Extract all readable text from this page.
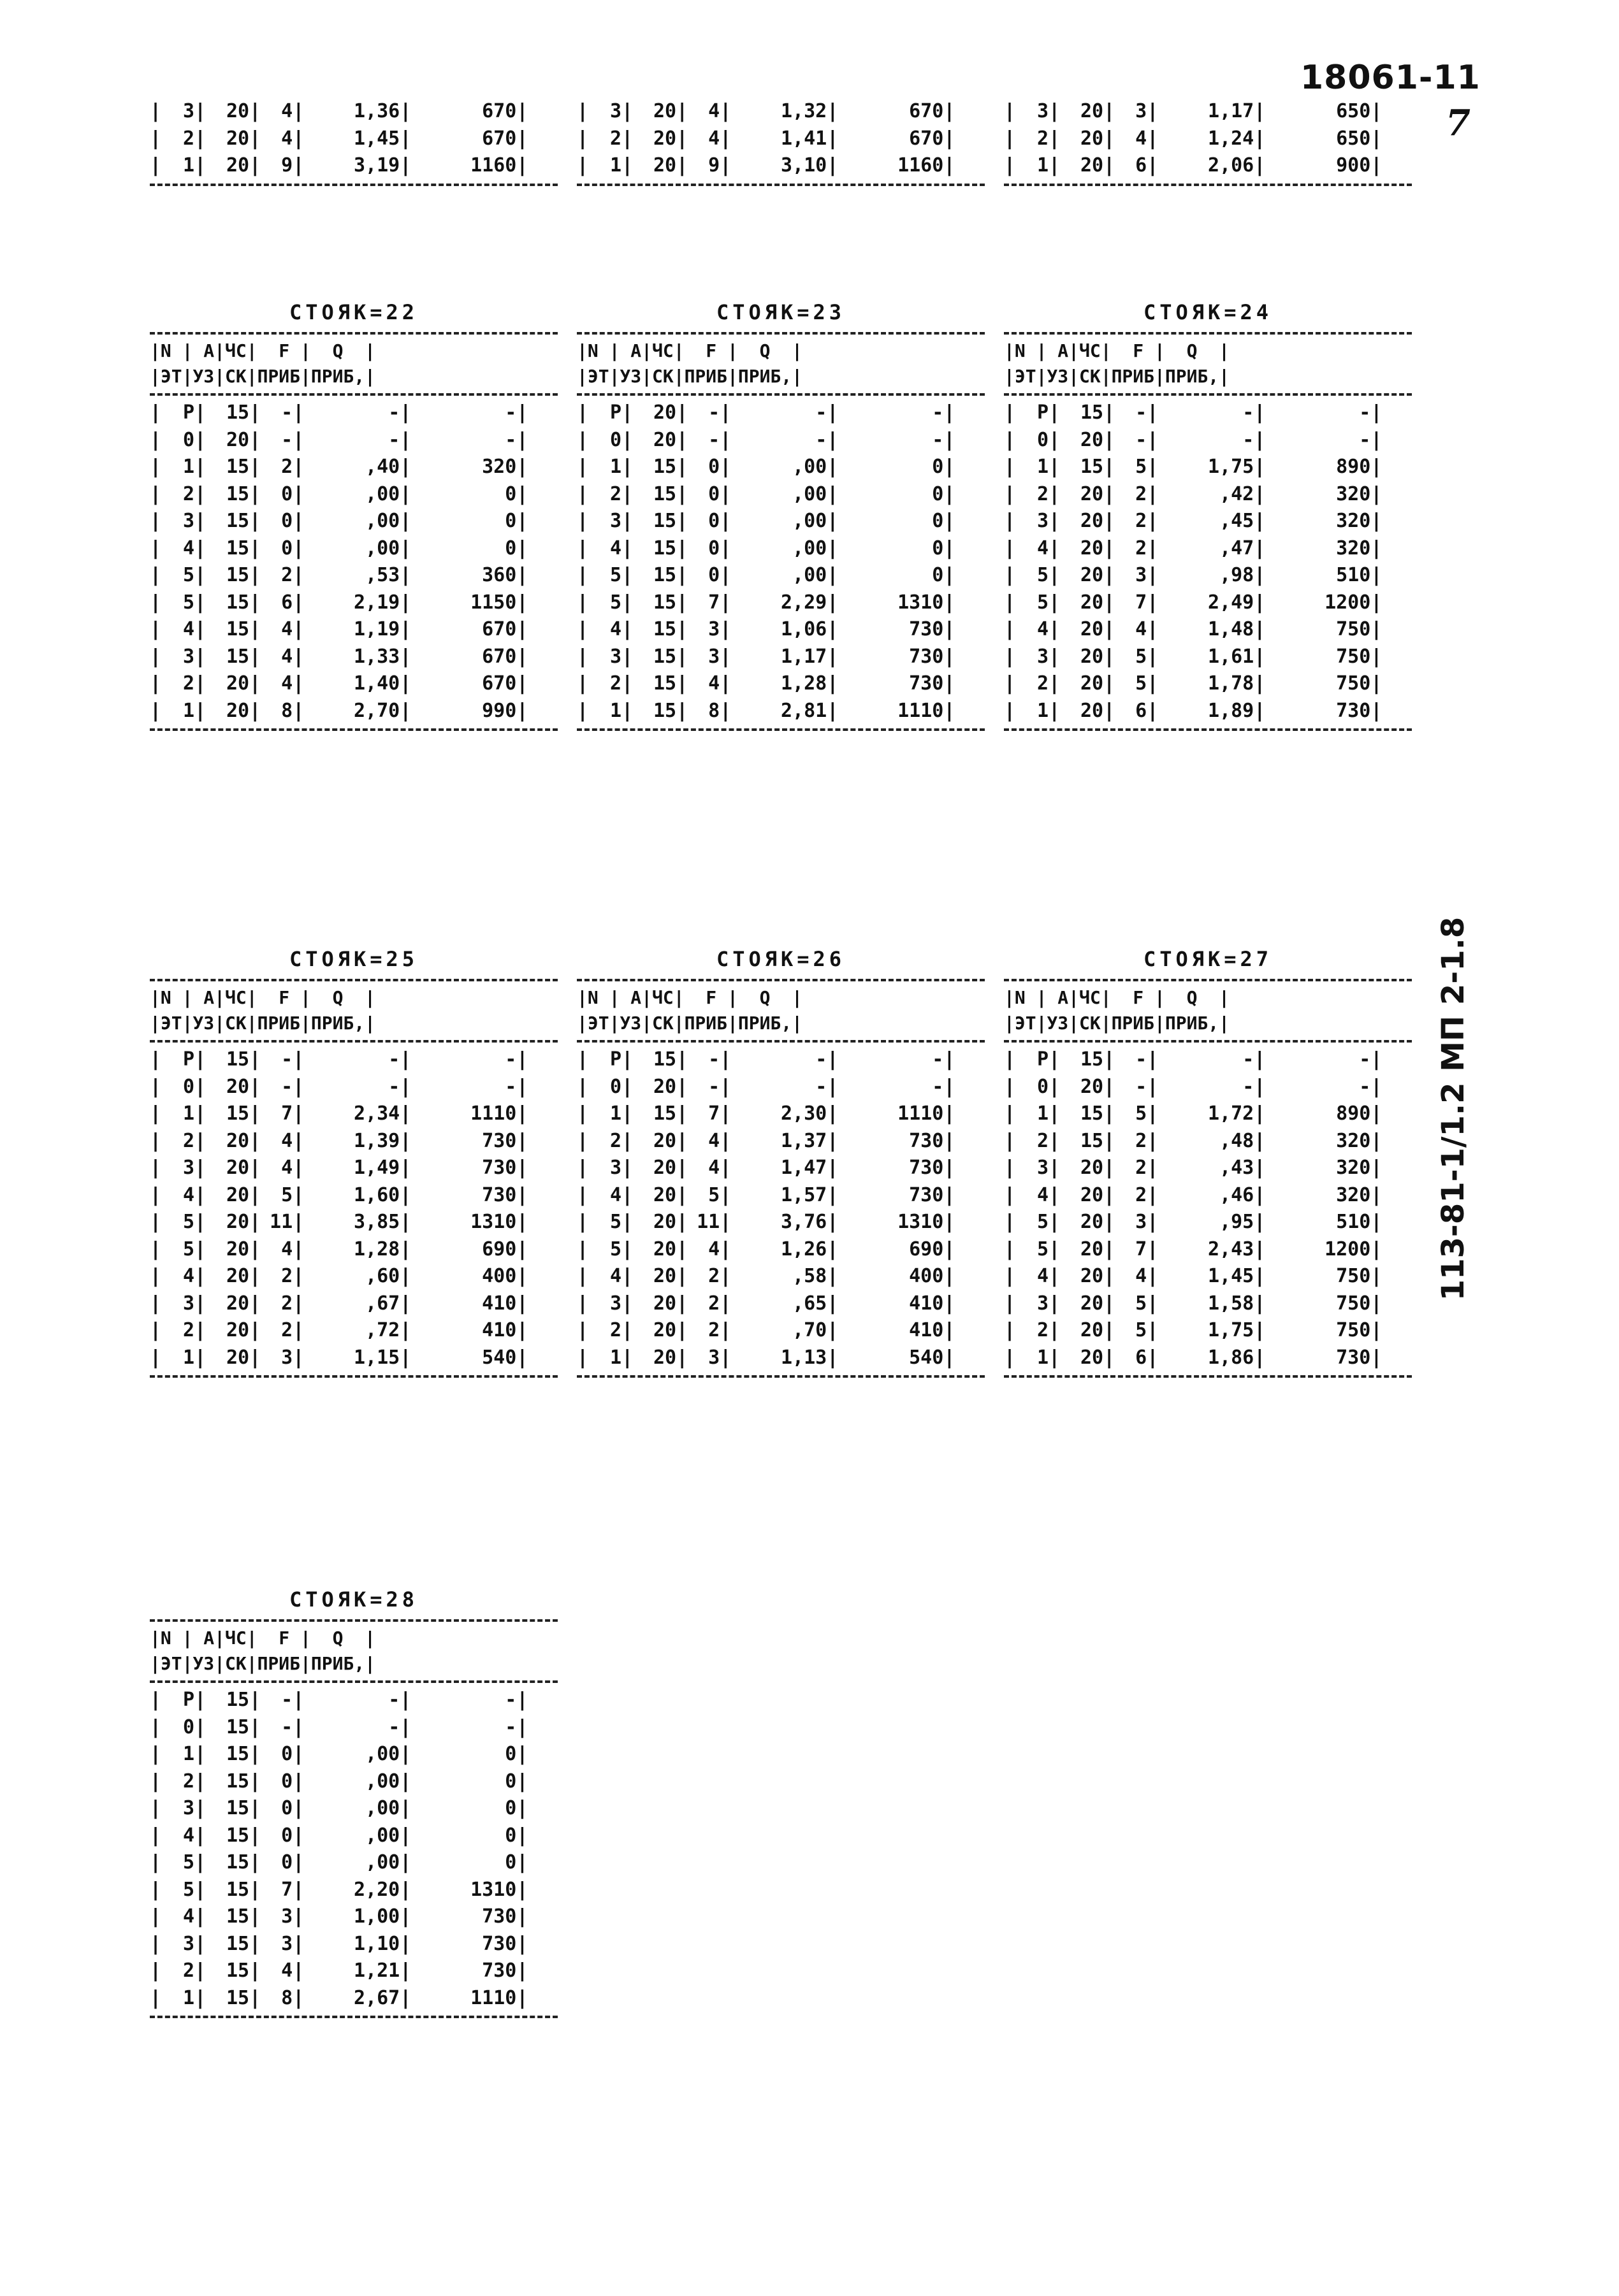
18061-11
7
113-81-1/1.2 МП 2-1.8
|	3 |	20 |	4 |	1,36 |	670 |
|	2 |	20 |	4 |	1,45 |	670 |
|	1 |	20 |	9 |	3,19 |	1160 |
|	3 |	20 |	4 |	1,32 |	670 |
|	2 |	20 |	4 |	1,41 |	670 |
|	1 |	20 |	9 |	3,10 |	1160 |
|	3 |	20 |	3 |	1,17 |	650 |
|	2 |	20 |	4 |	1,24 |	650 |
|	1 |	20 |	6 |	2,06 |	900 |
СТОЯК=22
|N | A|ЧС|  F |  Q  |
|ЭТ|УЗ|СК|ПРИБ|ПРИБ,|
|	Р |	15 |	- |	- |	- |
|	0 |	20 |	- |	- |	- |
|	1 |	15 |	2 |	,40 |	320 |
|	2 |	15 |	0 |	,00 |	0 |
|	3 |	15 |	0 |	,00 |	0 |
|	4 |	15 |	0 |	,00 |	0 |
|	5 |	15 |	2 |	,53 |	360 |
|	5 |	15 |	6 |	2,19 |	1150 |
|	4 |	15 |	4 |	1,19 |	670 |
|	3 |	15 |	4 |	1,33 |	670 |
|	2 |	20 |	4 |	1,40 |	670 |
|	1 |	20 |	8 |	2,70 |	990 |
СТОЯК=23
|N | A|ЧС|  F |  Q  |
|ЭТ|УЗ|СК|ПРИБ|ПРИБ,|
|	Р |	20 |	- |	- |	- |
|	0 |	20 |	- |	- |	- |
|	1 |	15 |	0 |	,00 |	0 |
|	2 |	15 |	0 |	,00 |	0 |
|	3 |	15 |	0 |	,00 |	0 |
|	4 |	15 |	0 |	,00 |	0 |
|	5 |	15 |	0 |	,00 |	0 |
|	5 |	15 |	7 |	2,29 |	1310 |
|	4 |	15 |	3 |	1,06 |	730 |
|	3 |	15 |	3 |	1,17 |	730 |
|	2 |	15 |	4 |	1,28 |	730 |
|	1 |	15 |	8 |	2,81 |	1110 |
СТОЯК=24
|N | A|ЧС|  F |  Q  |
|ЭТ|УЗ|СК|ПРИБ|ПРИБ,|
|	Р |	15 |	- |	- |	- |
|	0 |	20 |	- |	- |	- |
|	1 |	15 |	5 |	1,75 |	890 |
|	2 |	20 |	2 |	,42 |	320 |
|	3 |	20 |	2 |	,45 |	320 |
|	4 |	20 |	2 |	,47 |	320 |
|	5 |	20 |	3 |	,98 |	510 |
|	5 |	20 |	7 |	2,49 |	1200 |
|	4 |	20 |	4 |	1,48 |	750 |
|	3 |	20 |	5 |	1,61 |	750 |
|	2 |	20 |	5 |	1,78 |	750 |
|	1 |	20 |	6 |	1,89 |	730 |
СТОЯК=25
|N | A|ЧС|  F |  Q  |
|ЭТ|УЗ|СК|ПРИБ|ПРИБ,|
|	Р |	15 |	- |	- |	- |
|	0 |	20 |	- |	- |	- |
|	1 |	15 |	7 |	2,34 |	1110 |
|	2 |	20 |	4 |	1,39 |	730 |
|	3 |	20 |	4 |	1,49 |	730 |
|	4 |	20 |	5 |	1,60 |	730 |
|	5 |	20 | 11 |	3,85 |	1310 |
|	5 |	20 |	4 |	1,28 |	690 |
|	4 |	20 |	2 |	,60 |	400 |
|	3 |	20 |	2 |	,67 |	410 |
|	2 |	20 |	2 |	,72 |	410 |
|	1 |	20 |	3 |	1,15 |	540 |
СТОЯК=26
|N | A|ЧС|  F |  Q  |
|ЭТ|УЗ|СК|ПРИБ|ПРИБ,|
|	Р |	15 |	- |	- |	- |
|	0 |	20 |	- |	- |	- |
|	1 |	15 |	7 |	2,30 |	1110 |
|	2 |	20 |	4 |	1,37 |	730 |
|	3 |	20 |	4 |	1,47 |	730 |
|	4 |	20 |	5 |	1,57 |	730 |
|	5 |	20 | 11 |	3,76 |	1310 |
|	5 |	20 |	4 |	1,26 |	690 |
|	4 |	20 |	2 |	,58 |	400 |
|	3 |	20 |	2 |	,65 |	410 |
|	2 |	20 |	2 |	,70 |	410 |
|	1 |	20 |	3 |	1,13 |	540 |
СТОЯК=27
|N | A|ЧС|  F |  Q  |
|ЭТ|УЗ|СК|ПРИБ|ПРИБ,|
|	Р |	15 |	- |	- |	- |
|	0 |	20 |	- |	- |	- |
|	1 |	15 |	5 |	1,72 |	890 |
|	2 |	15 |	2 |	,48 |	320 |
|	3 |	20 |	2 |	,43 |	320 |
|	4 |	20 |	2 |	,46 |	320 |
|	5 |	20 |	3 |	,95 |	510 |
|	5 |	20 |	7 |	2,43 |	1200 |
|	4 |	20 |	4 |	1,45 |	750 |
|	3 |	20 |	5 |	1,58 |	750 |
|	2 |	20 |	5 |	1,75 |	750 |
|	1 |	20 |	6 |	1,86 |	730 |
СТОЯК=28
|N | A|ЧС|  F |  Q  |
|ЭТ|УЗ|СК|ПРИБ|ПРИБ,|
|	Р |	15 |	- |	- |	- |
|	0 |	15 |	- |	- |	- |
|	1 |	15 |	0 |	,00 |	0 |
|	2 |	15 |	0 |	,00 |	0 |
|	3 |	15 |	0 |	,00 |	0 |
|	4 |	15 |	0 |	,00 |	0 |
|	5 |	15 |	0 |	,00 |	0 |
|	5 |	15 |	7 |	2,20 |	1310 |
|	4 |	15 |	3 |	1,00 |	730 |
|	3 |	15 |	3 |	1,10 |	730 |
|	2 |	15 |	4 |	1,21 |	730 |
|	1 |	15 |	8 |	2,67 |	1110 |
